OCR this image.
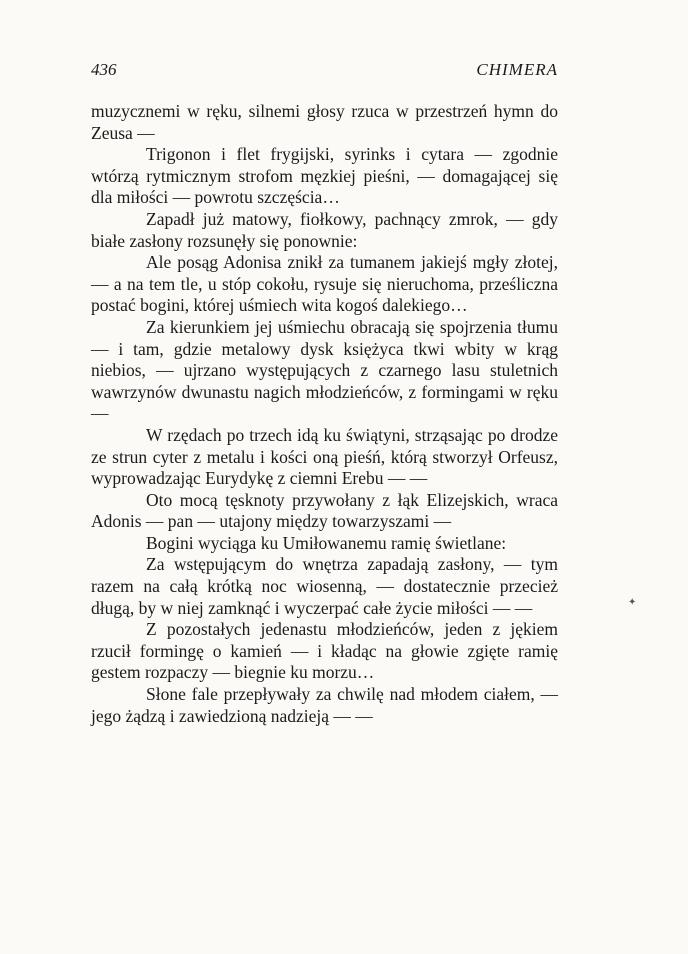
436	CHIMERA

muzycznemi w ręku, silnemi głosy rzuca w przestrzeń hymn do Zeusa —

Trigonon i flet frygijski, syrinks i cytara — zgodnie wtórzą rytmicznym strofom męzkiej pieśni, — domagającej się dla miłości — powrotu szczęścia…

Zapadł już matowy, fiołkowy, pachnący zmrok, — gdy białe zasłony rozsunęły się ponownie:

Ale posąg Adonisa znikł za tumanem jakiejś mgły złotej, — a na tem tle, u stóp cokołu, rysuje się nieruchoma, prześliczna postać bogini, której uśmiech wita kogoś dalekiego…

Za kierunkiem jej uśmiechu obracają się spojrzenia tłumu — i tam, gdzie metalowy dysk księżyca tkwi wbity w krąg niebios, — ujrzano występujących z czarnego lasu stuletnich wawrzynów dwunastu nagich młodzieńców, z formingami w ręku —

W rzędach po trzech idą ku świątyni, strząsając po drodze ze strun cyter z metalu i kości oną pieśń, którą stworzył Orfeusz, wyprowadzając Eurydykę z ciemni Erebu — —

Oto mocą tęsknoty przywołany z łąk Elizejskich, wraca Adonis — pan — utajony między towarzyszami —

Bogini wyciąga ku Umiłowanemu ramię świetlane:

Za wstępującym do wnętrza zapadają zasłony, — tym razem na całą krótką noc wiosenną, — dostatecznie przecież długą, by w niej zamknąć i wyczerpać całe życie miłości — —

Z pozostałych jedenastu młodzieńców, jeden z jękiem rzucił formingę o kamień — i kładąc na głowie zgięte ramię gestem rozpaczy — biegnie ku morzu…

Słone fale przepływały za chwilę nad młodem ciałem, — jego żądzą i zawiedzioną nadzieją — —

✦
